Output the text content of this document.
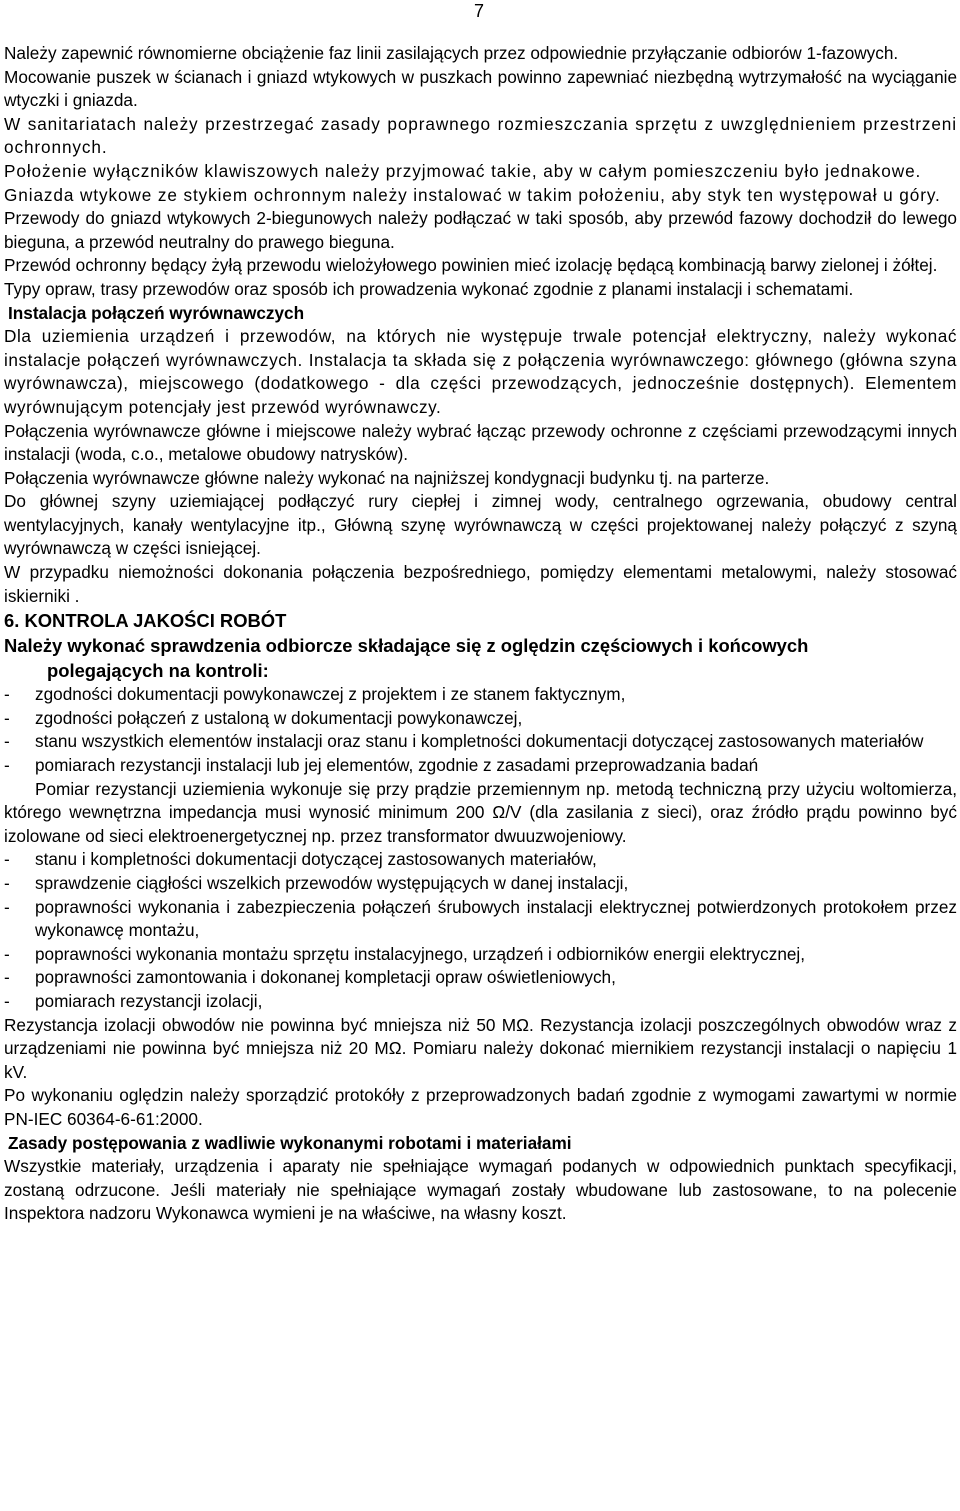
7

Należy zapewnić równomierne obciążenie faz linii zasilających przez odpowiednie przyłączanie odbiorów 1-fazowych.

Mocowanie puszek w ścianach i gniazd wtykowych w puszkach powinno zapewniać niezbędną wytrzymałość na wyciąganie wtyczki i gniazda.

W sanitariatach należy przestrzegać zasady poprawnego rozmieszczania sprzętu z uwzględnieniem przestrzeni ochronnych.

Położenie wyłączników klawiszowych należy przyjmować takie, aby w całym pomieszczeniu było jednakowe.

Gniazda wtykowe ze stykiem ochronnym należy instalować w takim położeniu, aby styk ten występował u góry.

Przewody do gniazd wtykowych 2-biegunowych należy podłączać w taki sposób, aby przewód fazowy dochodził do lewego bieguna, a przewód neutralny do prawego bieguna.

Przewód ochronny będący żyłą przewodu wielożyłowego powinien mieć izolację będącą kombinacją barwy zielonej i żółtej.

Typy opraw, trasy przewodów oraz sposób ich prowadzenia wykonać zgodnie z planami instalacji i schematami.

Instalacja połączeń wyrównawczych

Dla uziemienia urządzeń i przewodów, na których nie występuje trwale potencjał elektryczny, należy wykonać instalacje połączeń wyrównawczych. Instalacja ta składa się z połączenia wyrównawczego: głównego (główna szyna wyrównawcza), miejscowego (dodatkowego - dla części przewodzących, jednocześnie dostępnych). Elementem wyrównującym potencjały jest przewód wyrównawczy.

Połączenia wyrównawcze główne i miejscowe należy wybrać łącząc przewody ochronne z częściami przewodzącymi innych instalacji (woda, c.o., metalowe obudowy natrysków).

Połączenia wyrównawcze główne należy wykonać na najniższej kondygnacji budynku tj. na parterze.

Do głównej szyny uziemiającej podłączyć rury ciepłej i zimnej wody, centralnego ogrzewania, obudowy central wentylacyjnych, kanały wentylacyjne itp., Główną szynę wyrównawczą w części projektowanej należy połączyć z szyną wyrównawczą w części isniejącej.

W przypadku niemożności dokonania połączenia bezpośredniego, pomiędzy elementami metalowymi, należy stosować iskierniki .

6. KONTROLA JAKOŚCI ROBÓT

Należy wykonać sprawdzenia odbiorcze składające się z oględzin częściowych i końcowych
polegających na kontroli:

- zgodności dokumentacji powykonawczej z projektem i ze stanem faktycznym,
- zgodności połączeń z ustaloną w dokumentacji powykonawczej,
- stanu wszystkich elementów instalacji oraz stanu i kompletności dokumentacji dotyczącej zastosowanych materiałów
- pomiarach rezystancji instalacji lub jej elementów, zgodnie z zasadami przeprowadzania badań

Pomiar rezystancji uziemienia wykonuje się przy prądzie przemiennym np. metodą techniczną przy użyciu woltomierza, którego wewnętrzna impedancja musi wynosić minimum 200 Ω/V (dla zasilania z sieci), oraz źródło prądu powinno być izolowane od sieci elektroenergetycznej np. przez transformator dwuuzwojeniowy.

- stanu i kompletności dokumentacji dotyczącej zastosowanych materiałów,
- sprawdzenie ciągłości wszelkich przewodów występujących w danej instalacji,
- poprawności wykonania i zabezpieczenia połączeń śrubowych instalacji elektrycznej potwierdzonych protokołem przez wykonawcę montażu,
- poprawności wykonania montażu sprzętu instalacyjnego, urządzeń i odbiorników energii elektrycznej,
- poprawności zamontowania i dokonanej kompletacji opraw oświetleniowych,
- pomiarach rezystancji izolacji,

Rezystancja izolacji obwodów nie powinna być mniejsza niż 50 MΩ. Rezystancja izolacji poszczególnych obwodów wraz z urządzeniami nie powinna być mniejsza niż 20 MΩ. Pomiaru należy dokonać miernikiem rezystancji instalacji o napięciu 1 kV.

Po wykonaniu oględzin należy sporządzić protokóły z przeprowadzonych badań zgodnie z wymogami zawartymi w normie PN-IEC 60364-6-61:2000.

Zasady postępowania z wadliwie wykonanymi robotami i materiałami

Wszystkie materiały, urządzenia i aparaty nie spełniające wymagań podanych w odpowiednich punktach specyfikacji, zostaną odrzucone. Jeśli materiały nie spełniające wymagań zostały wbudowane lub zastosowane, to na polecenie Inspektora nadzoru Wykonawca wymieni je na właściwe, na własny koszt.
